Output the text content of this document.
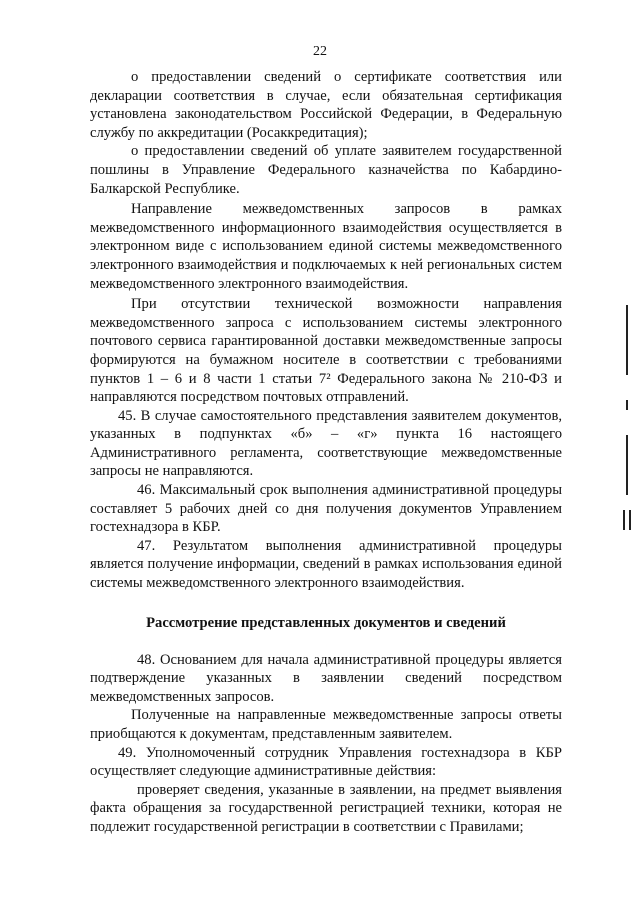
22

о предоставлении сведений о сертификате соответствия или декларации соответствия в случае, если обязательная сертификация установлена законодательством Российской Федерации, в Федеральную службу по аккредитации (Росаккредитация);

о предоставлении сведений об уплате заявителем государственной пошлины в Управление Федерального казначейства по Кабардино-Балкарской Республике.

Направление межведомственных запросов в рамках межведомственного информационного взаимодействия осуществляется в электронном виде с использованием единой системы межведомственного электронного взаимодействия и подключаемых к ней региональных систем межведомственного электронного взаимодействия.

При отсутствии технической возможности направления межведомственного запроса с использованием системы электронного почтового сервиса гарантированной доставки межведомственные запросы формируются на бумажном носителе в соответствии с требованиями пунктов 1 – 6 и 8 части 1 статьи 7² Федерального закона № 210-ФЗ и направляются посредством почтовых отправлений.

45. В случае самостоятельного представления заявителем документов, указанных в подпунктах «б» – «г» пункта 16 настоящего Административного регламента, соответствующие межведомственные запросы не направляются.

46. Максимальный срок выполнения административной процедуры составляет 5 рабочих дней со дня получения документов Управлением гостехнадзора в КБР.

47. Результатом выполнения административной процедуры является получение информации, сведений в рамках использования единой системы межведомственного электронного взаимодействия.

Рассмотрение представленных документов и сведений

48. Основанием для начала административной процедуры является подтверждение указанных в заявлении сведений посредством межведомственных запросов.

Полученные на направленные межведомственные запросы ответы приобщаются к документам, представленным заявителем.

49. Уполномоченный сотрудник Управления гостехнадзора в КБР осуществляет следующие административные действия:

проверяет сведения, указанные в заявлении, на предмет выявления факта обращения за государственной регистрацией техники, которая не подлежит государственной регистрации в соответствии с Правилами;
